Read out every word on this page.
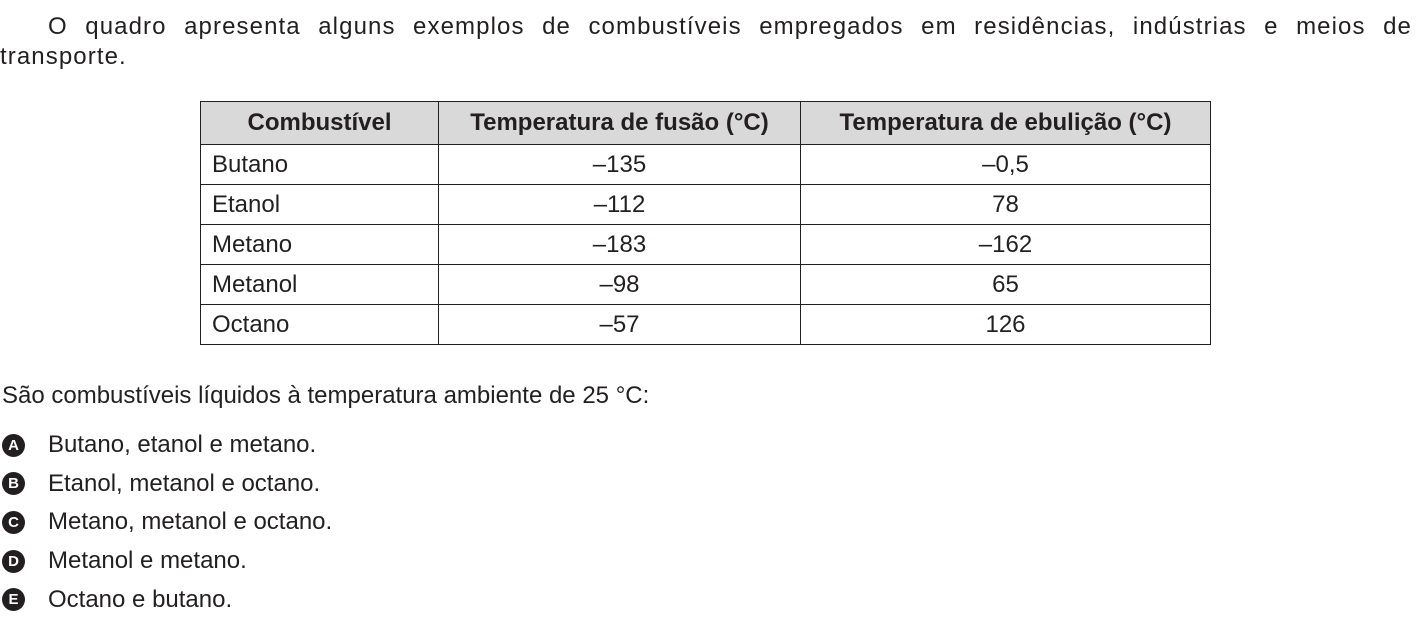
O quadro apresenta alguns exemplos de combustíveis empregados em residências, indústrias e meios de transporte.

Combustível	Temperatura de fusão (°C)	Temperatura de ebulição (°C)
Butano	–135	–0,5
Etanol	–112	78
Metano	–183	–162
Metanol	–98	65
Octano	–57	126

São combustíveis líquidos à temperatura ambiente de 25 °C:

A Butano, etanol e metano.
B Etanol, metanol e octano.
C Metano, metanol e octano.
D Metanol e metano.
E Octano e butano.
